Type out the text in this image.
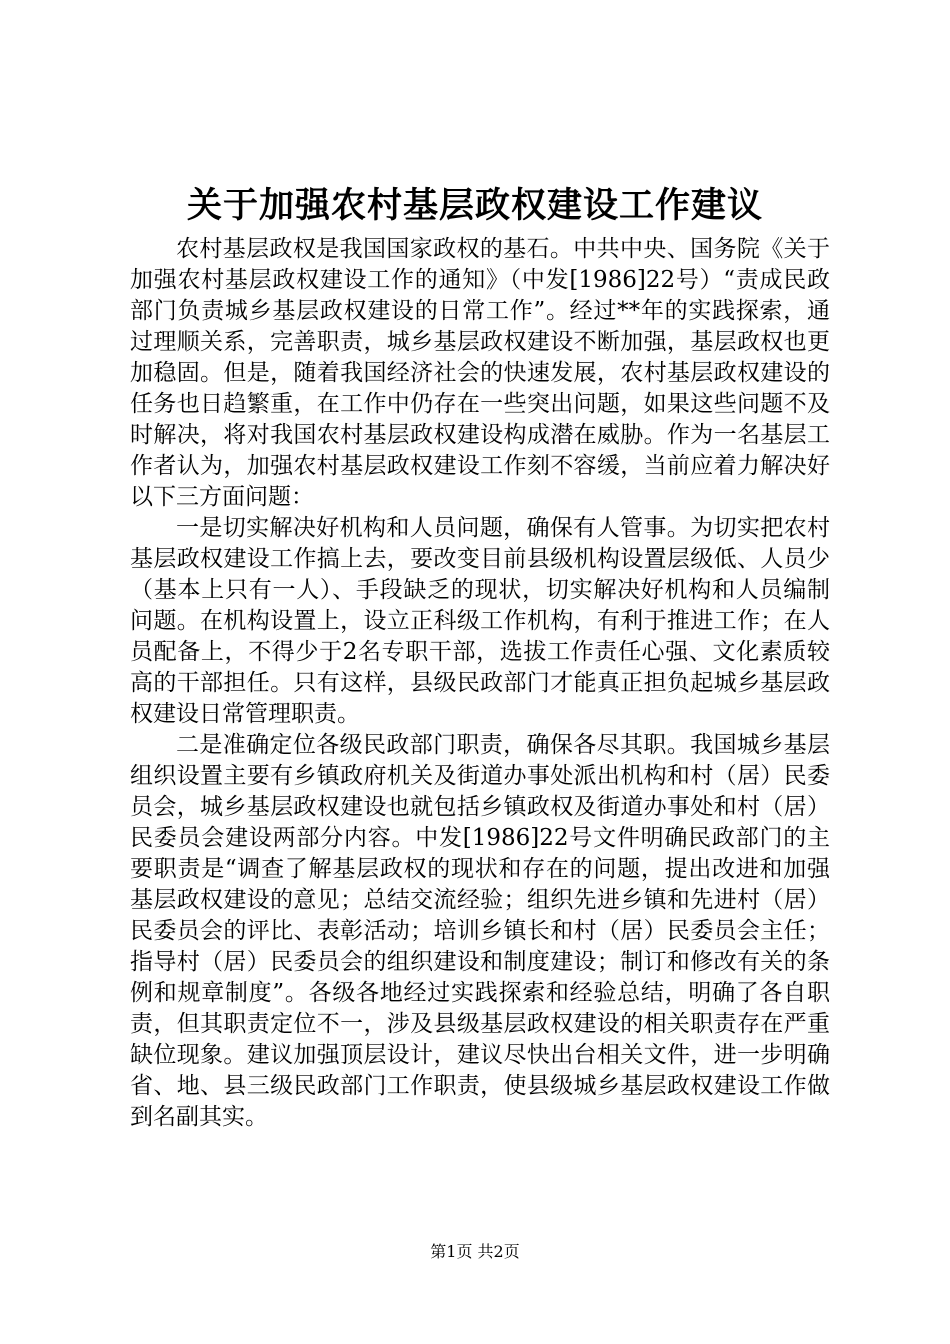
关于加强农村基层政权建设工作建议

农村基层政权是我国国家政权的基石。中共中央、国务院《关于加强农村基层政权建设工作的通知》（中发[1986]22号）“责成民政部门负责城乡基层政权建设的日常工作”。经过**年的实践探索，通过理顺关系，完善职责，城乡基层政权建设不断加强，基层政权也更加稳固。但是，随着我国经济社会的快速发展，农村基层政权建设的任务也日趋繁重，在工作中仍存在一些突出问题，如果这些问题不及时解决，将对我国农村基层政权建设构成潜在威胁。作为一名基层工作者认为，加强农村基层政权建设工作刻不容缓，当前应着力解决好以下三方面问题：

一是切实解决好机构和人员问题，确保有人管事。为切实把农村基层政权建设工作搞上去，要改变目前县级机构设置层级低、人员少（基本上只有一人）、手段缺乏的现状，切实解决好机构和人员编制问题。在机构设置上，设立正科级工作机构，有利于推进工作；在人员配备上，不得少于2名专职干部，选拔工作责任心强、文化素质较高的干部担任。只有这样，县级民政部门才能真正担负起城乡基层政权建设日常管理职责。

二是准确定位各级民政部门职责，确保各尽其职。我国城乡基层组织设置主要有乡镇政府机关及街道办事处派出机构和村（居）民委员会，城乡基层政权建设也就包括乡镇政权及街道办事处和村（居）民委员会建设两部分内容。中发[1986]22号文件明确民政部门的主要职责是“调查了解基层政权的现状和存在的问题，提出改进和加强基层政权建设的意见；总结交流经验；组织先进乡镇和先进村（居）民委员会的评比、表彰活动；培训乡镇长和村（居）民委员会主任；指导村（居）民委员会的组织建设和制度建设；制订和修改有关的条例和规章制度”。各级各地经过实践探索和经验总结，明确了各自职责，但其职责定位不一，涉及县级基层政权建设的相关职责存在严重缺位现象。建议加强顶层设计，建议尽快出台相关文件，进一步明确省、地、县三级民政部门工作职责，使县级城乡基层政权建设工作做到名副其实。

第1页 共2页
